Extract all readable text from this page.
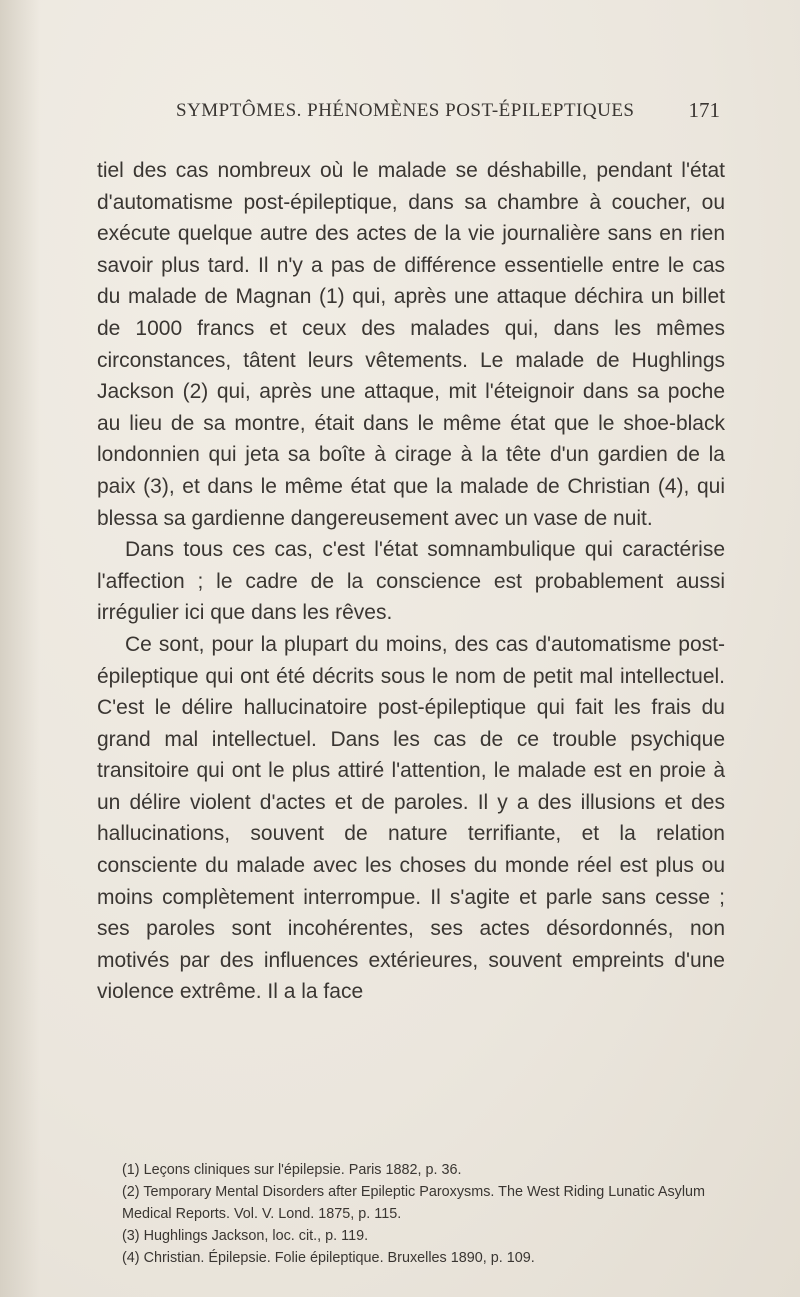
SYMPTÔMES. PHÉNOMÈNES POST-ÉPILEPTIQUES	171

tiel des cas nombreux où le malade se déshabille, pendant l'état d'automatisme post-épileptique, dans sa chambre à coucher, ou exécute quelque autre des actes de la vie journalière sans en rien savoir plus tard. Il n'y a pas de différence essentielle entre le cas du malade de Magnan (1) qui, après une attaque déchira un billet de 1000 francs et ceux des malades qui, dans les mêmes circonstances, tâtent leurs vêtements. Le malade de Hughlings Jackson (2) qui, après une attaque, mit l'éteignoir dans sa poche au lieu de sa montre, était dans le même état que le shoe-black londonnien qui jeta sa boîte à cirage à la tête d'un gardien de la paix (3), et dans le même état que la malade de Christian (4), qui blessa sa gardienne dangereusement avec un vase de nuit.

Dans tous ces cas, c'est l'état somnambulique qui caractérise l'affection ; le cadre de la conscience est probablement aussi irrégulier ici que dans les rêves.

Ce sont, pour la plupart du moins, des cas d'automatisme post-épileptique qui ont été décrits sous le nom de petit mal intellectuel. C'est le délire hallucinatoire post-épileptique qui fait les frais du grand mal intellectuel. Dans les cas de ce trouble psychique transitoire qui ont le plus attiré l'attention, le malade est en proie à un délire violent d'actes et de paroles. Il y a des illusions et des hallucinations, souvent de nature terrifiante, et la relation consciente du malade avec les choses du monde réel est plus ou moins complètement interrompue. Il s'agite et parle sans cesse ; ses paroles sont incohérentes, ses actes désordonnés, non motivés par des influences extérieures, souvent empreints d'une violence extrême. Il a la face

(1) Leçons cliniques sur l'épilepsie. Paris 1882, p. 36.

(2) Temporary Mental Disorders after Epileptic Paroxysms. The West Riding Lunatic Asylum Medical Reports. Vol. V. Lond. 1875, p. 115.

(3) Hughlings Jackson, loc. cit., p. 119.

(4) Christian. Épilepsie. Folie épileptique. Bruxelles 1890, p. 109.
